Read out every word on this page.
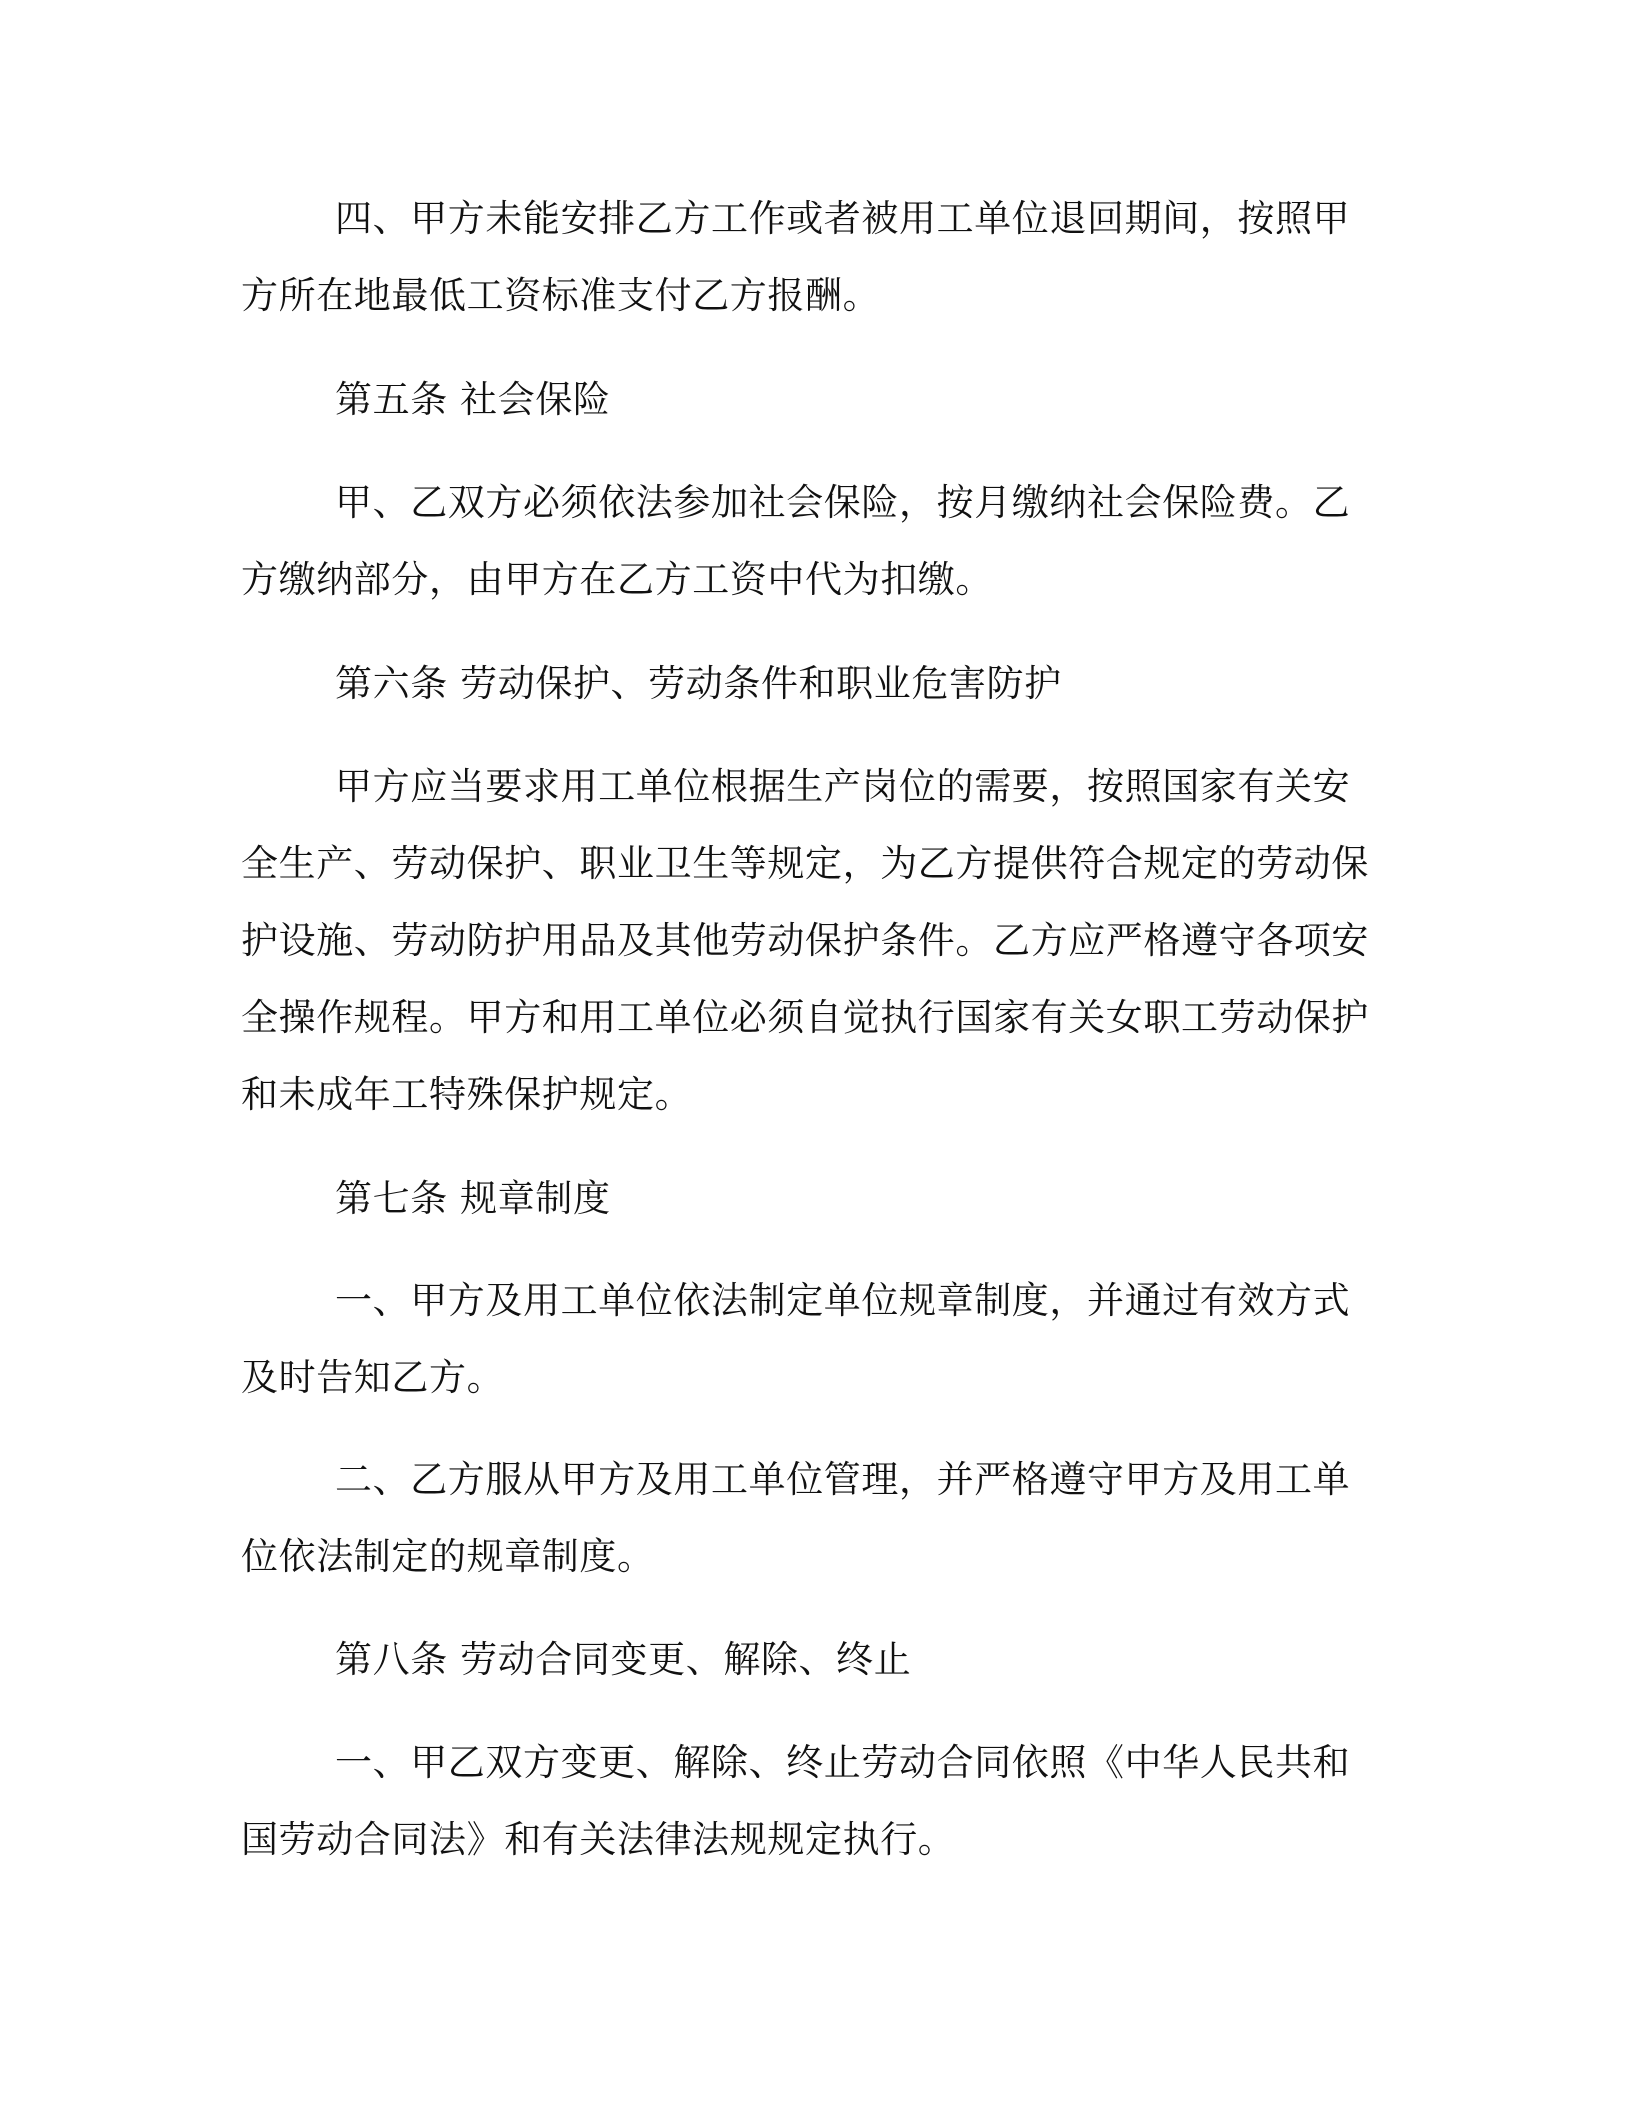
四、甲方未能安排乙方工作或者被用工单位退回期间，按照甲方所在地最低工资标准支付乙方报酬。

第五条 社会保险

甲、乙双方必须依法参加社会保险，按月缴纳社会保险费。乙方缴纳部分，由甲方在乙方工资中代为扣缴。

第六条 劳动保护、劳动条件和职业危害防护

甲方应当要求用工单位根据生产岗位的需要，按照国家有关安全生产、劳动保护、职业卫生等规定，为乙方提供符合规定的劳动保护设施、劳动防护用品及其他劳动保护条件。乙方应严格遵守各项安全操作规程。甲方和用工单位必须自觉执行国家有关女职工劳动保护和未成年工特殊保护规定。

第七条 规章制度

一、甲方及用工单位依法制定单位规章制度，并通过有效方式及时告知乙方。

二、乙方服从甲方及用工单位管理，并严格遵守甲方及用工单位依法制定的规章制度。

第八条 劳动合同变更、解除、终止

一、甲乙双方变更、解除、终止劳动合同依照《中华人民共和国劳动合同法》和有关法律法规规定执行。
